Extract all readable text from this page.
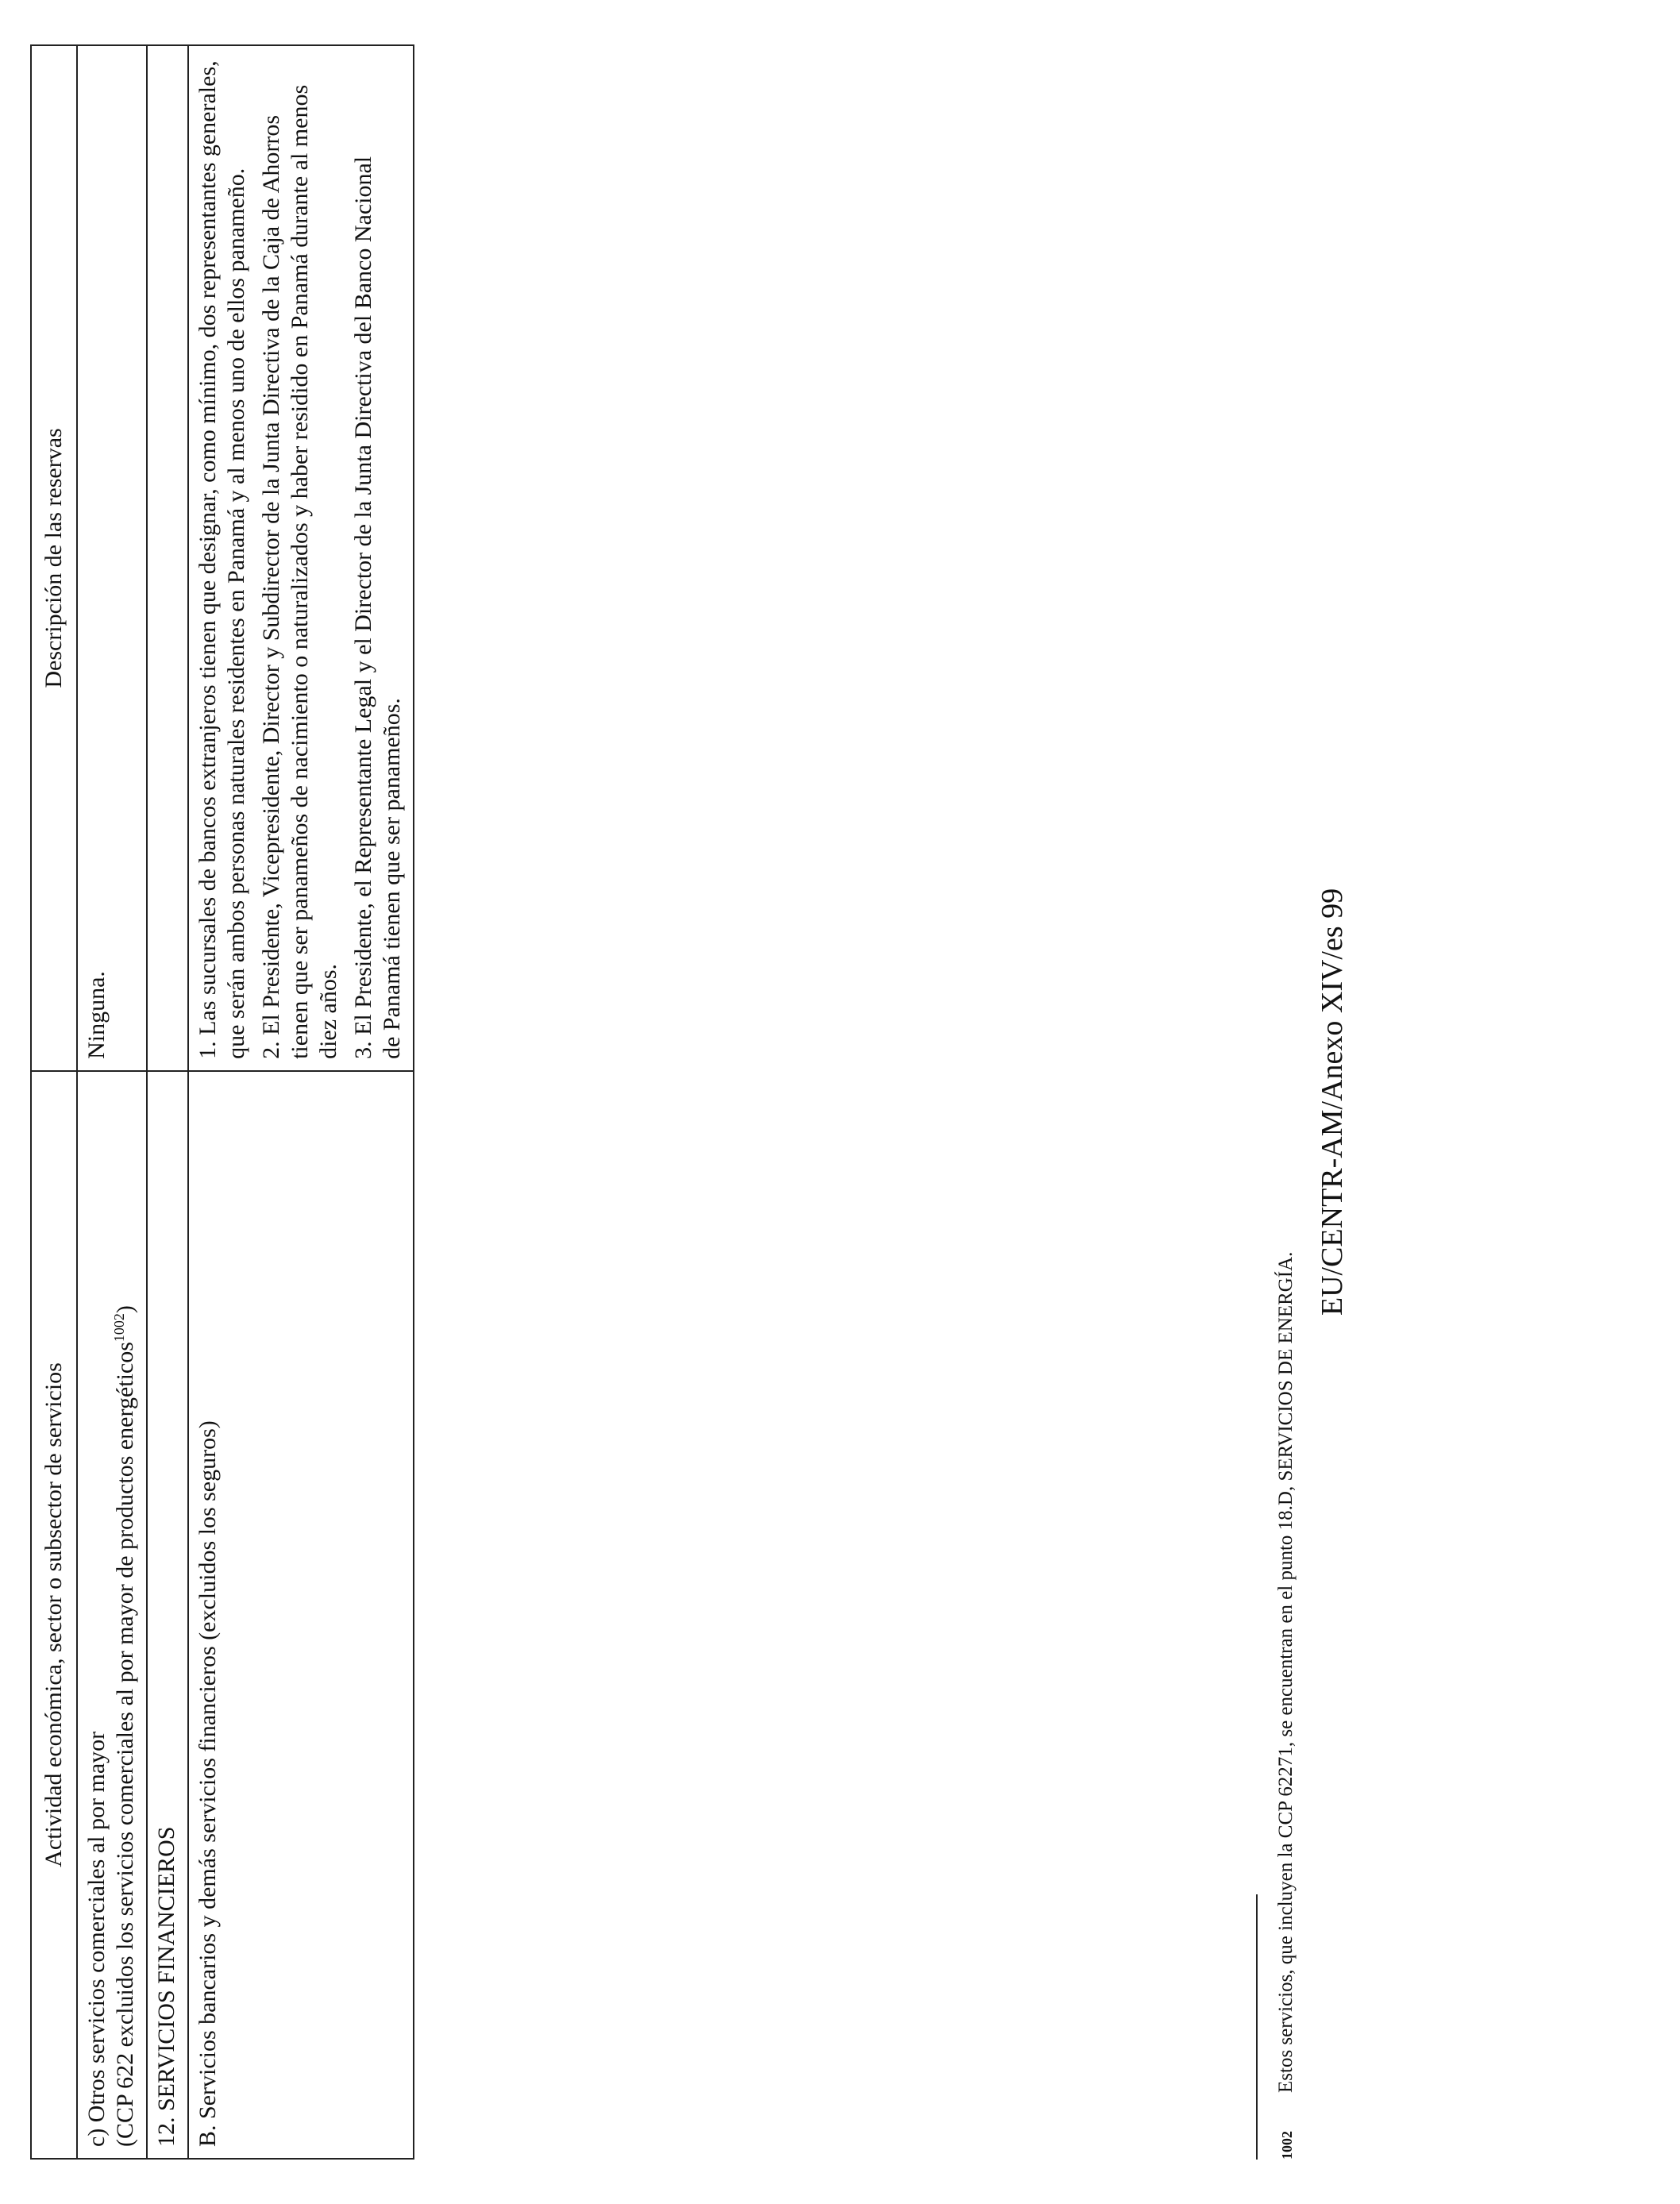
Actividad económica, sector o subsector de servicios	Descripción de las reservas

c) Otros servicios comerciales al por mayor (CCP 622 excluidos los servicios comerciales al por mayor de productos energéticos$^{1002}$)	Ninguna.
12. SERVICIOS FINANCIEROS	
B. Servicios bancarios y demás servicios financieros (excluidos los seguros)	1. Las sucursales de bancos extranjeros tienen que designar, como mínimo, dos representantes generales, que serán ambos personas naturales residentes en Panamá y al menos uno de ellos panameño. 2. El Presidente, Vicepresidente, Director y Subdirector de la Junta Directiva de la Caja de Ahorros tienen que ser panameños de nacimiento o naturalizados y haber residido en Panamá durante al menos diez años. 3. El Presidente, el Representante Legal y el Director de la Junta Directiva del Banco Nacional de Panamá tienen que ser panameños.
1002Estos servicios, que incluyen la CCP 62271, se encuentran en el punto 18.D, SERVICIOS DE ENERGÍA.
EU/CENTR-AM/Anexo XIV/es 99
